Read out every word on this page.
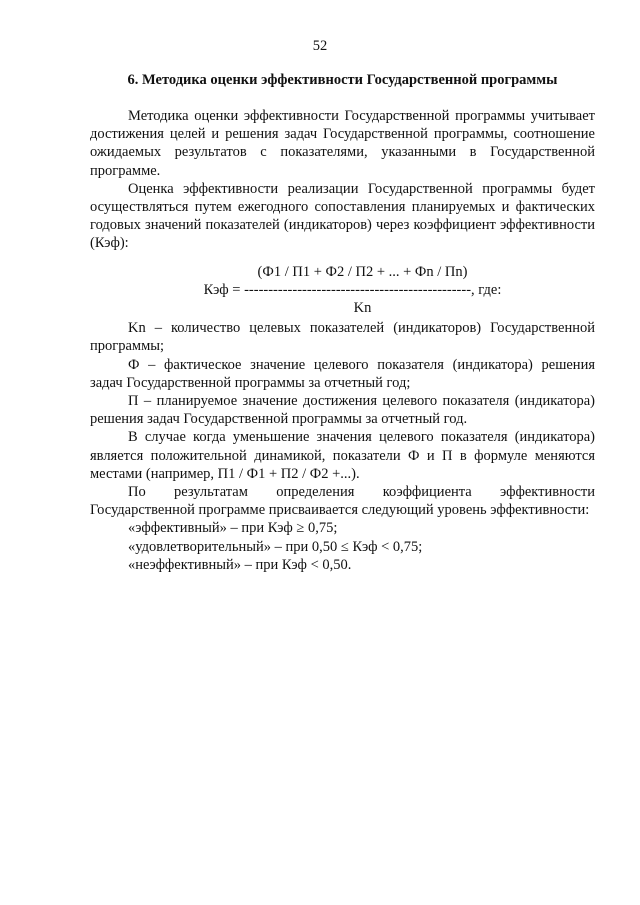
52
6. Методика оценки эффективности Государственной программы

Методика оценки эффективности Государственной программы учитывает достижения целей и решения задач Государственной программы, соотношение ожидаемых результатов с показателями, указанными в Государственной программе.

Оценка эффективности реализации Государственной программы будет осуществляться путем ежегодного сопоставления планируемых и фактических годовых значений показателей (индикаторов) через коэффициент эффективности (Кэф):

(Ф1 / П1 + Ф2 / П2 + ... + Фn / Пn)
Кэф = -----------------------------------------------, где:
Kn

Kn – количество целевых показателей (индикаторов) Государственной программы;

Ф – фактическое значение целевого показателя (индикатора) решения задач Государственной программы за отчетный год;

П – планируемое значение достижения целевого показателя (индикатора) решения задач Государственной программы за отчетный год.

В случае когда уменьшение значения целевого показателя (индикатора) является положительной динамикой, показатели Ф и П в формуле меняются местами (например, П1 / Ф1 + П2 / Ф2 +...).

По результатам определения коэффициента эффективности Государственной программе присваивается следующий уровень эффективности:

«эффективный» – при Кэф ≥ 0,75;

«удовлетворительный» – при 0,50 ≤ Кэф < 0,75;

«неэффективный» – при Кэф < 0,50.
